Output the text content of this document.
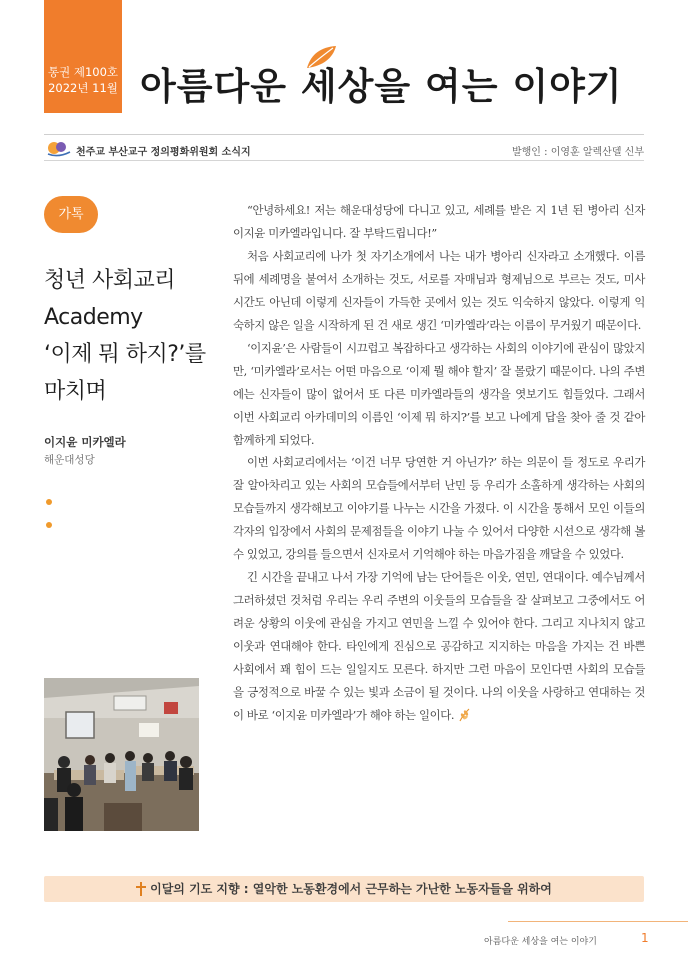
통권 제100호
2022년 11월 아름다운 세상을 여는 이야기
천주교 부산교구 정의평화위원회 소식지	발행인 : 이영훈 알렉산델 신부
가톡
청년 사회교리
Academy
‘이제 뭐 하지?’를
마치며
이지윤 미카엘라
해운대성당

“안녕하세요! 저는 해운대성당에 다니고 있고, 세례를 받은 지 1년 된 병아리 신자 이지윤 미카엘라입니다. 잘 부탁드립니다!”

처음 사회교리에 나가 첫 자기소개에서 나는 내가 병아리 신자라고 소개했다. 이름 뒤에 세례명을 붙여서 소개하는 것도, 서로를 자매님과 형제님으로 부르는 것도, 미사 시간도 아닌데 이렇게 신자들이 가득한 곳에서 있는 것도 익숙하지 않았다. 이렇게 익숙하지 않은 일을 시작하게 된 건 새로 생긴 ‘미카엘라’라는 이름이 무거웠기 때문이다.

‘이지윤’은 사람들이 시끄럽고 복잡하다고 생각하는 사회의 이야기에 관심이 많았지만, ‘미카엘라’로서는 어떤 마음으로 ‘이제 뭘 해야 할지’ 잘 몰랐기 때문이다. 나의 주변에는 신자들이 많이 없어서 또 다른 미카엘라들의 생각을 엿보기도 힘들었다. 그래서 이번 사회교리 아카데미의 이름인 ‘이제 뭐 하지?’를 보고 나에게 답을 찾아 줄 것 같아 함께하게 되었다.

이번 사회교리에서는 ‘이건 너무 당연한 거 아닌가?’ 하는 의문이 들 정도로 우리가 잘 알아차리고 있는 사회의 모습들에서부터 난민 등 우리가 소홀하게 생각하는 사회의 모습들까지 생각해보고 이야기를 나누는 시간을 가졌다. 이 시간을 통해서 모인 이들의 각자의 입장에서 사회의 문제점들을 이야기 나눌 수 있어서 다양한 시선으로 생각해 볼 수 있었고, 강의를 들으면서 신자로서 기억해야 하는 마음가짐을 깨달을 수 있었다.

긴 시간을 끝내고 나서 가장 기억에 남는 단어들은 이웃, 연민, 연대이다. 예수님께서 그러하셨던 것처럼 우리는 우리 주변의 이웃들의 모습들을 잘 살펴보고 그중에서도 어려운 상황의 이웃에 관심을 가지고 연민을 느낄 수 있어야 한다. 그리고 지나치지 않고 이웃과 연대해야 한다. 타인에게 진심으로 공감하고 지지하는 마음을 가지는 건 바쁜 사회에서 꽤 힘이 드는 일일지도 모른다. 하지만 그런 마음이 모인다면 사회의 모습들을 긍정적으로 바꿀 수 있는 빛과 소금이 될 것이다. 나의 이웃을 사랑하고 연대하는 것이 바로 ‘이지윤 미카엘라’가 해야 하는 일이다.

이달의 기도 지향 : 열악한 노동환경에서 근무하는 가난한 노동자들을 위하여
아름다운 세상을 여는 이야기	1
